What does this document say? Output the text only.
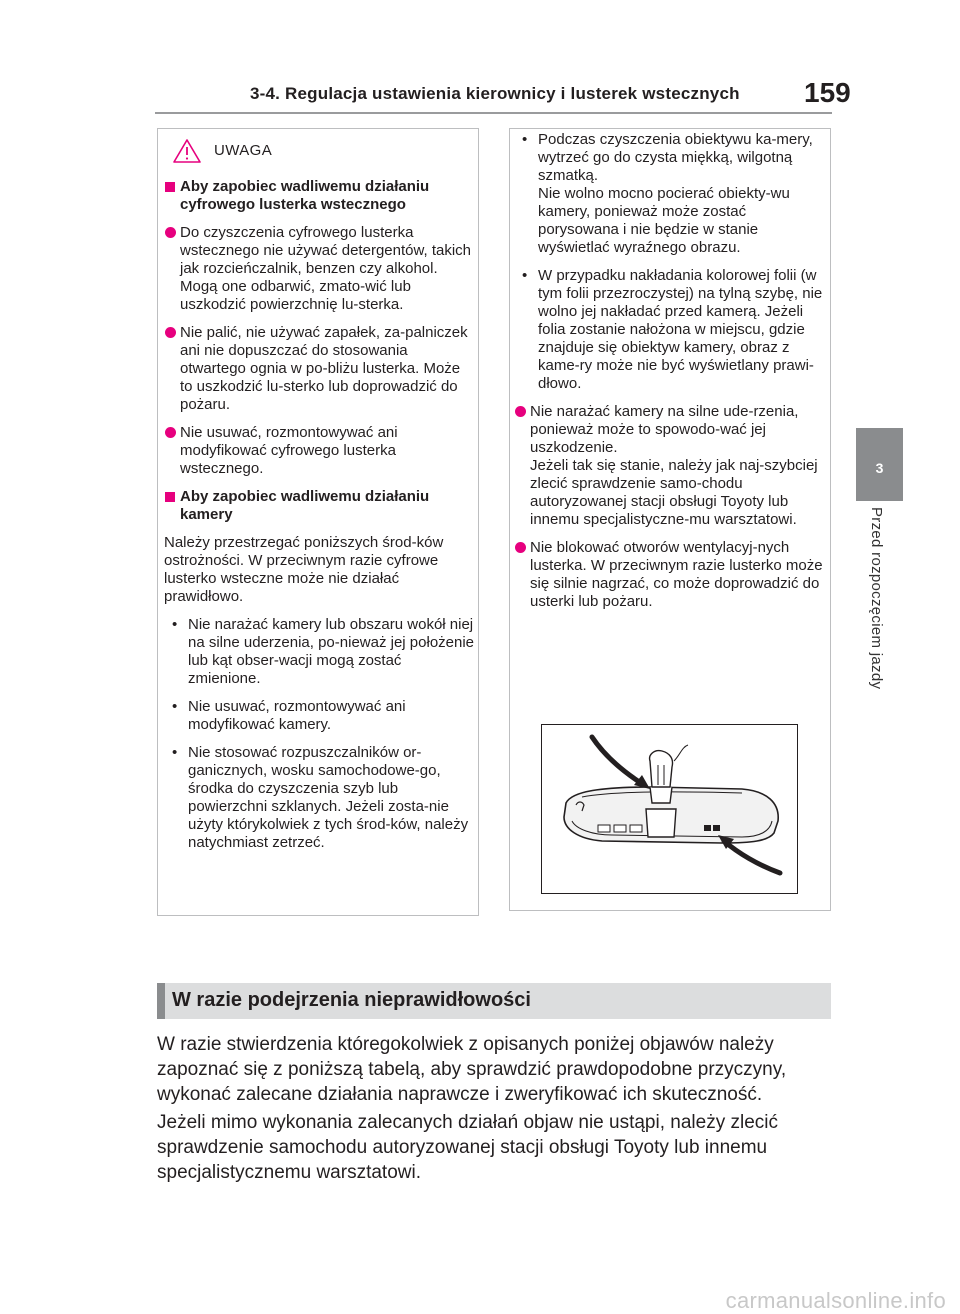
3-4. Regulacja ustawienia kierownicy i lusterek wstecznych 159
3
Przed rozpoczęciem jazdy
UWAGA

Aby zapobiec wadliwemu działaniu cyfrowego lusterka wstecznego

Do czyszczenia cyfrowego lusterka wstecznego nie używać detergentów, takich jak rozcieńczalnik, benzen czy alkohol. Mogą one odbarwić, zmato-wić lub uszkodzić powierzchnię lu-sterka.

Nie palić, nie używać zapałek, za-palniczek ani nie dopuszczać do stosowania otwartego ognia w po-bliżu lusterka. Może to uszkodzić lu-sterko lub doprowadzić do pożaru.

Nie usuwać, rozmontowywać ani modyfikować cyfrowego lusterka wstecznego.

Aby zapobiec wadliwemu działaniu kamery

Należy przestrzegać poniższych środ-ków ostrożności. W przeciwnym razie cyfrowe lusterko wsteczne może nie działać prawidłowo.

• Nie narażać kamery lub obszaru wokół niej na silne uderzenia, po-nieważ jej położenie lub kąt obser-wacji mogą zostać zmienione.

• Nie usuwać, rozmontowywać ani modyfikować kamery.

• Nie stosować rozpuszczalników or-ganicznych, wosku samochodowe-go, środka do czyszczenia szyb lub powierzchni szklanych. Jeżeli zosta-nie użyty którykolwiek z tych środ-ków, należy natychmiast zetrzeć.

• Podczas czyszczenia obiektywu ka-mery, wytrzeć go do czysta miękką, wilgotną szmatką.
Nie wolno mocno pocierać obiekty-wu kamery, ponieważ może zostać porysowana i nie będzie w stanie wyświetlać wyraźnego obrazu.

• W przypadku nakładania kolorowej folii (w tym folii przezroczystej) na tylną szybę, nie wolno jej nakładać przed kamerą. Jeżeli folia zostanie nałożona w miejscu, gdzie znajduje się obiektyw kamery, obraz z kame-ry może nie być wyświetlany prawi-dłowo.

Nie narażać kamery na silne ude-rzenia, ponieważ może to spowodo-wać jej uszkodzenie.
Jeżeli tak się stanie, należy jak naj-szybciej zlecić sprawdzenie samo-chodu autoryzowanej stacji obsługi Toyoty lub innemu specjalistyczne-mu warsztatowi.

Nie blokować otworów wentylacyj-nych lusterka. W przeciwnym razie lusterko może się silnie nagrzać, co może doprowadzić do usterki lub pożaru.

W razie podejrzenia nieprawidłowości

W razie stwierdzenia któregokolwiek z opisanych poniżej objawów należy zapoznać się z poniższą tabelą, aby sprawdzić prawdopodobne przyczyny, wykonać zalecane działania naprawcze i zweryfikować ich skuteczność.

Jeżeli mimo wykonania zalecanych działań objaw nie ustąpi, należy zlecić sprawdzenie samochodu autoryzowanej stacji obsługi Toyoty lub innemu specjalistycznemu warsztatowi.

carmanualsonline.info
